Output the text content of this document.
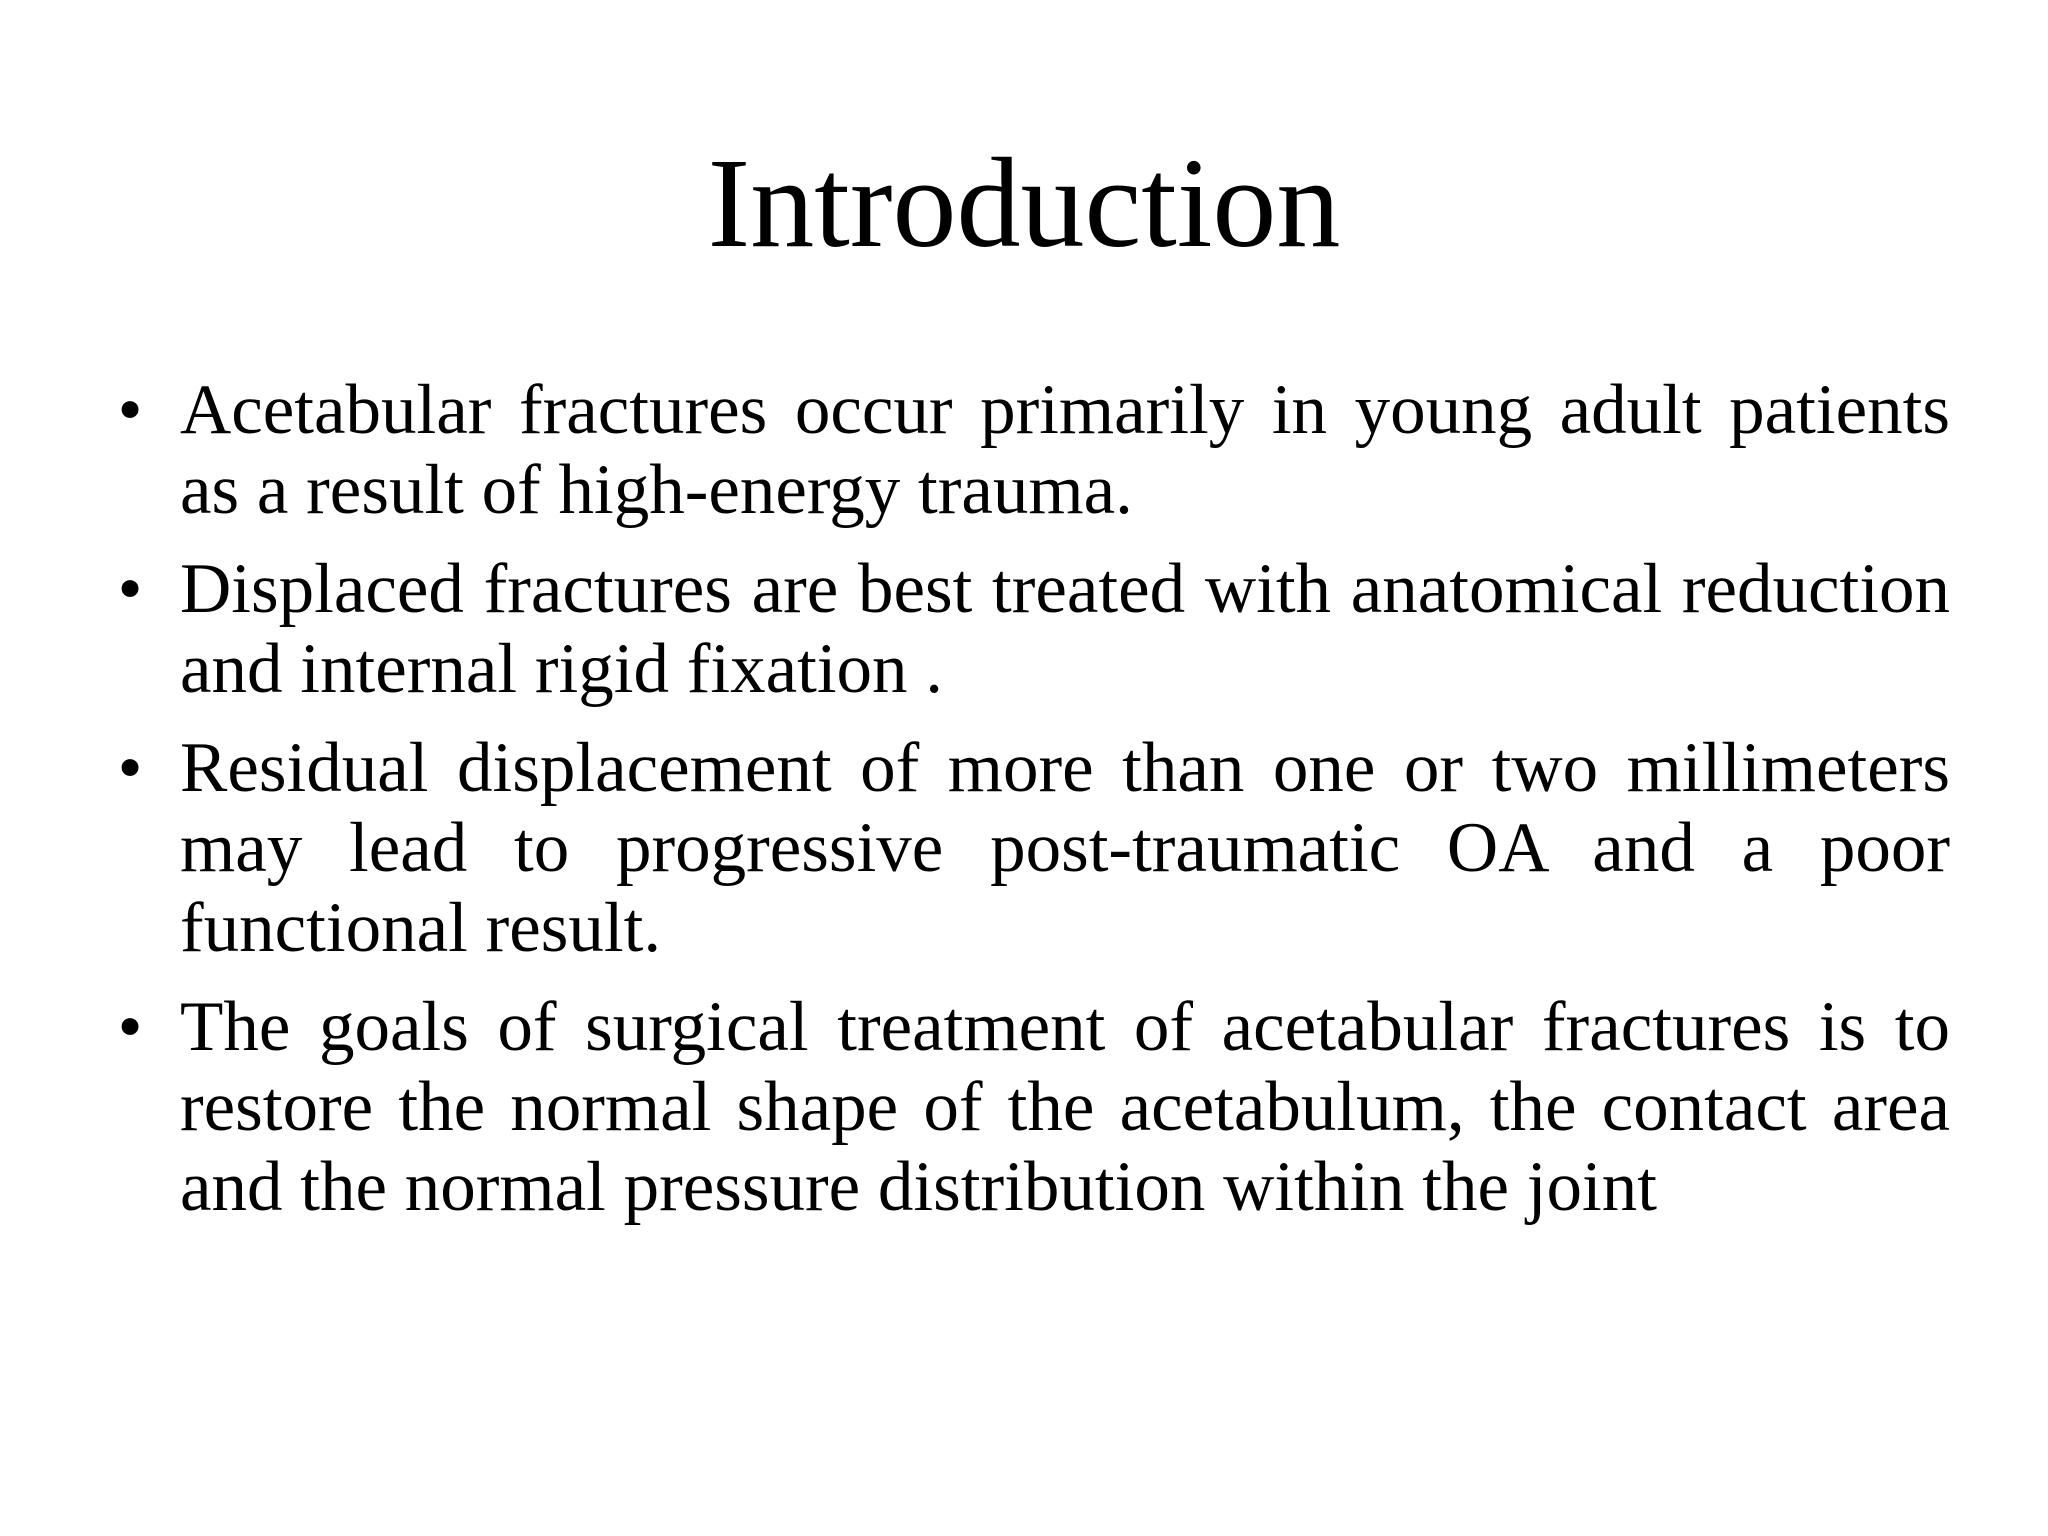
Introduction
• Acetabular fractures occur primarily in young adult patients as a result of high-energy trauma.
• Displaced fractures are best treated with anatomical reduction and internal rigid fixation .
• Residual displacement of more than one or two millimeters may lead to progressive post-traumatic OA and a poor functional result.
• The goals of surgical treatment of acetabular fractures is to restore the normal shape of the acetabulum, the contact area and the normal pressure distribution within the joint
